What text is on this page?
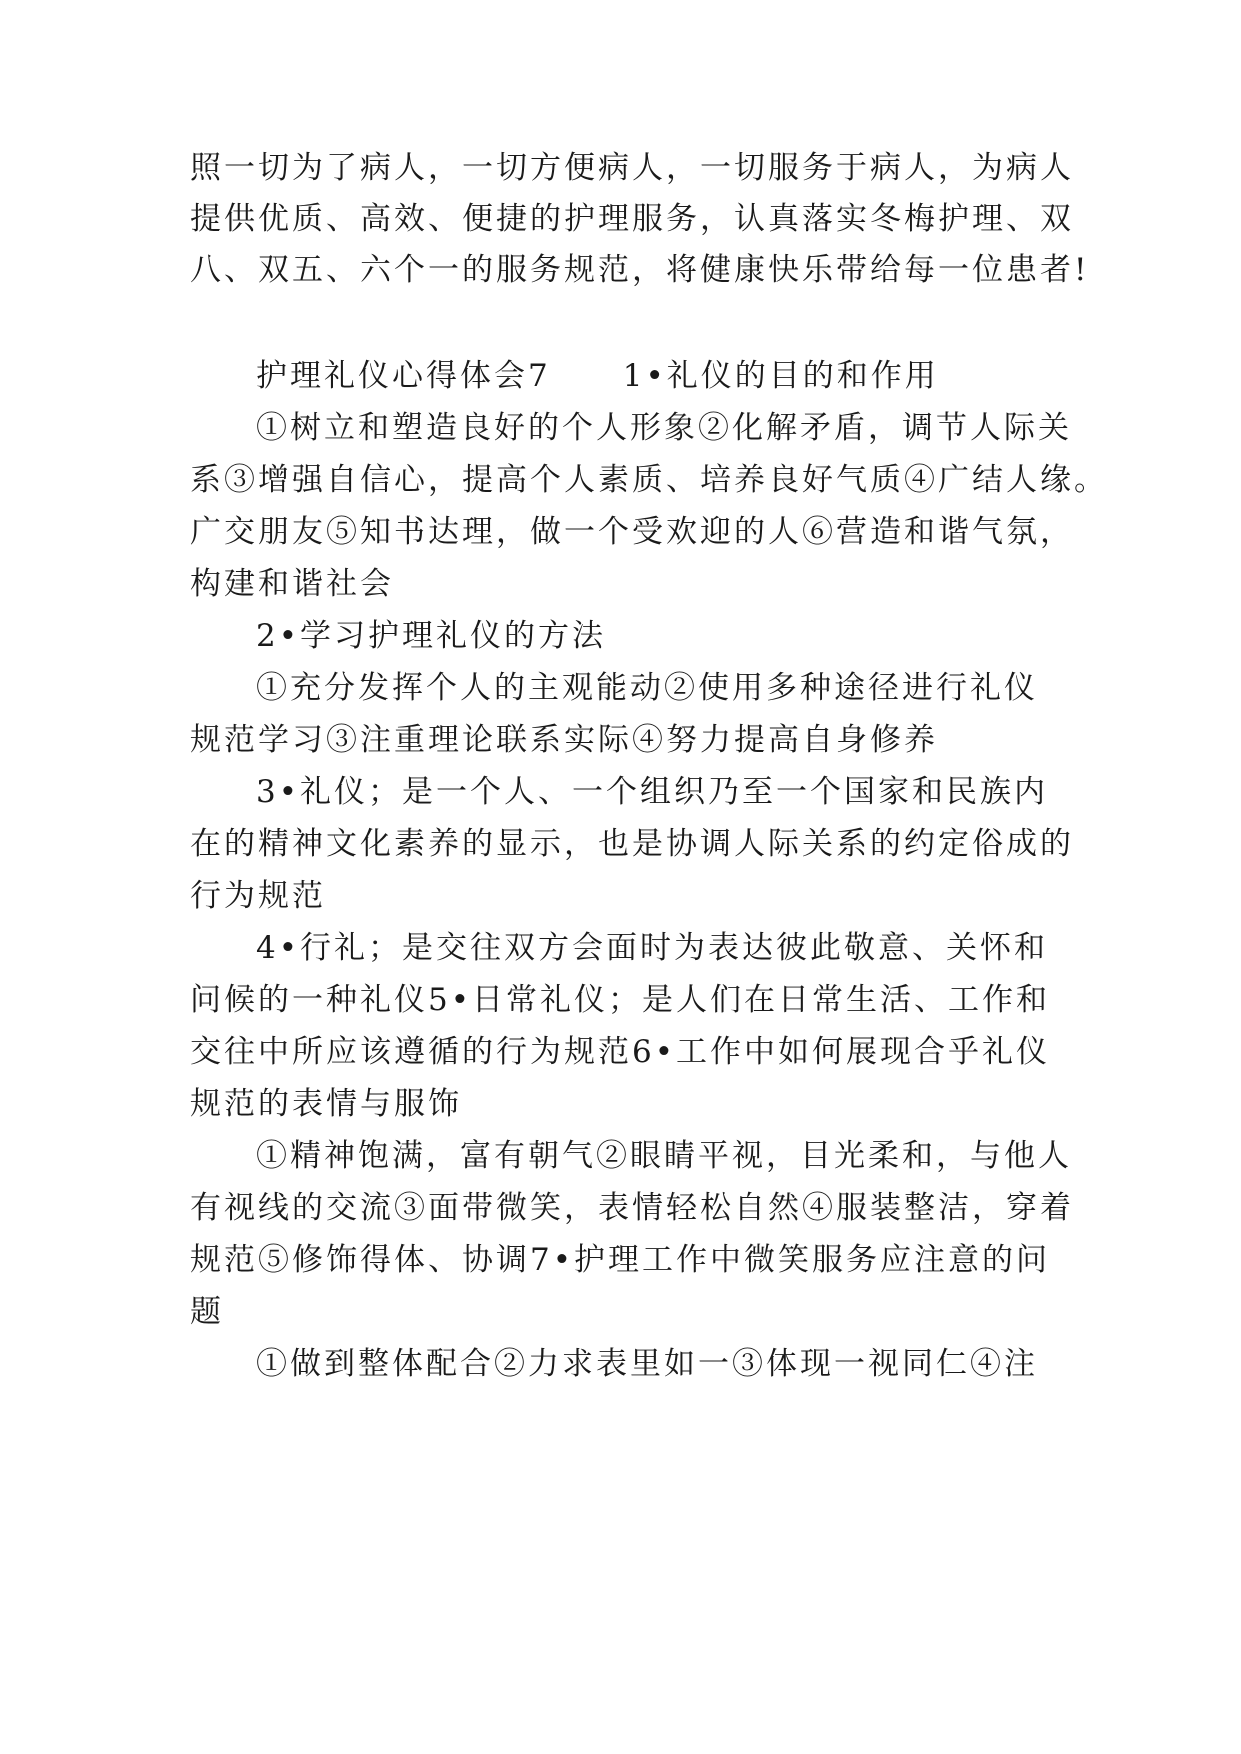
照一切为了病人，一切方便病人，一切服务于病人，为病人
提供优质、高效、便捷的护理服务，认真落实冬梅护理、双
八、双五、六个一的服务规范，将健康快乐带给每一位患者!
护理礼仪心得体会7 1•礼仪的目的和作用
①树立和塑造良好的个人形象②化解矛盾，调节人际关
系③增强自信心，提高个人素质、培养良好气质④广结人缘。
广交朋友⑤知书达理，做一个受欢迎的人⑥营造和谐气氛，
构建和谐社会
2•学习护理礼仪的方法
①充分发挥个人的主观能动②使用多种途径进行礼仪
规范学习③注重理论联系实际④努力提高自身修养
3•礼仪；是一个人、一个组织乃至一个国家和民族内
在的精神文化素养的显示，也是协调人际关系的约定俗成的
行为规范
4•行礼；是交往双方会面时为表达彼此敬意、关怀和
问候的一种礼仪5•日常礼仪；是人们在日常生活、工作和
交往中所应该遵循的行为规范6•工作中如何展现合乎礼仪
规范的表情与服饰
①精神饱满，富有朝气②眼睛平视，目光柔和，与他人
有视线的交流③面带微笑，表情轻松自然④服装整洁，穿着
规范⑤修饰得体、协调7•护理工作中微笑服务应注意的问
题
①做到整体配合②力求表里如一③体现一视同仁④注
